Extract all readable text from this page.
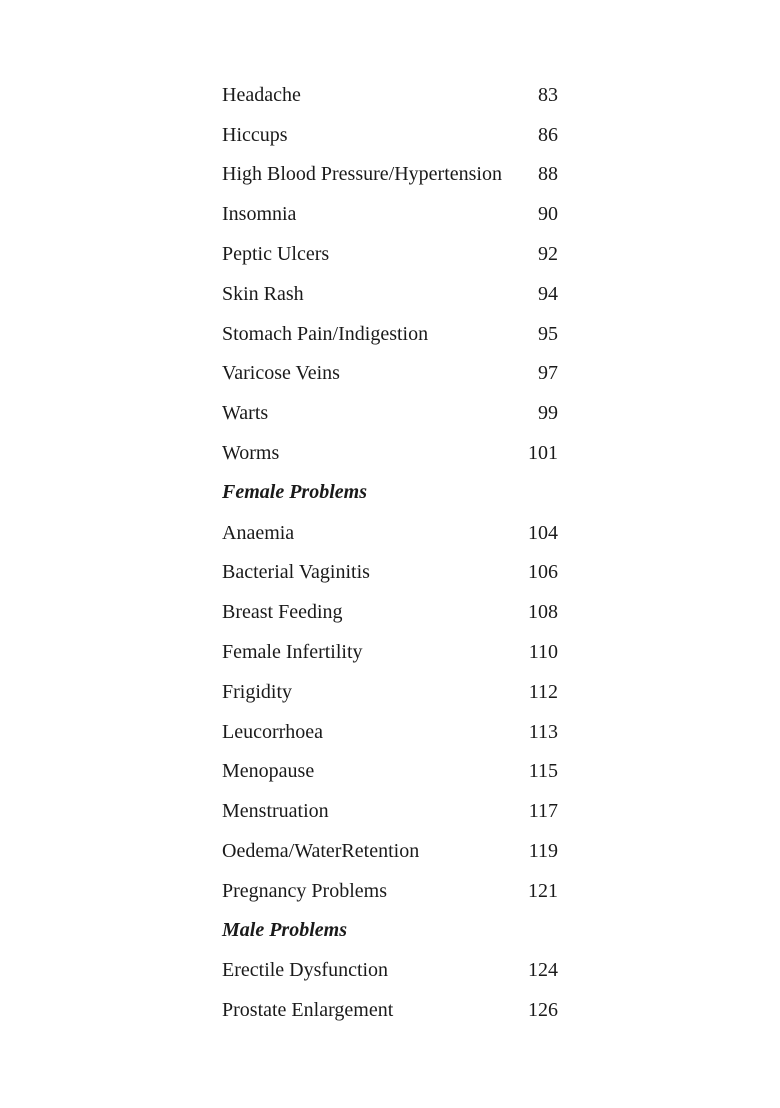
Headache	83
Hiccups	86
High Blood Pressure/Hypertension	88
Insomnia	90
Peptic Ulcers	92
Skin Rash	94
Stomach Pain/Indigestion	95
Varicose Veins	97
Warts	99
Worms	101
Female Problems
Anaemia	104
Bacterial Vaginitis	106
Breast Feeding	108
Female Infertility	110
Frigidity	112
Leucorrhoea	113
Menopause	115
Menstruation	117
Oedema/WaterRetention	119
Pregnancy Problems	121
Male Problems
Erectile Dysfunction	124
Prostate Enlargement	126
